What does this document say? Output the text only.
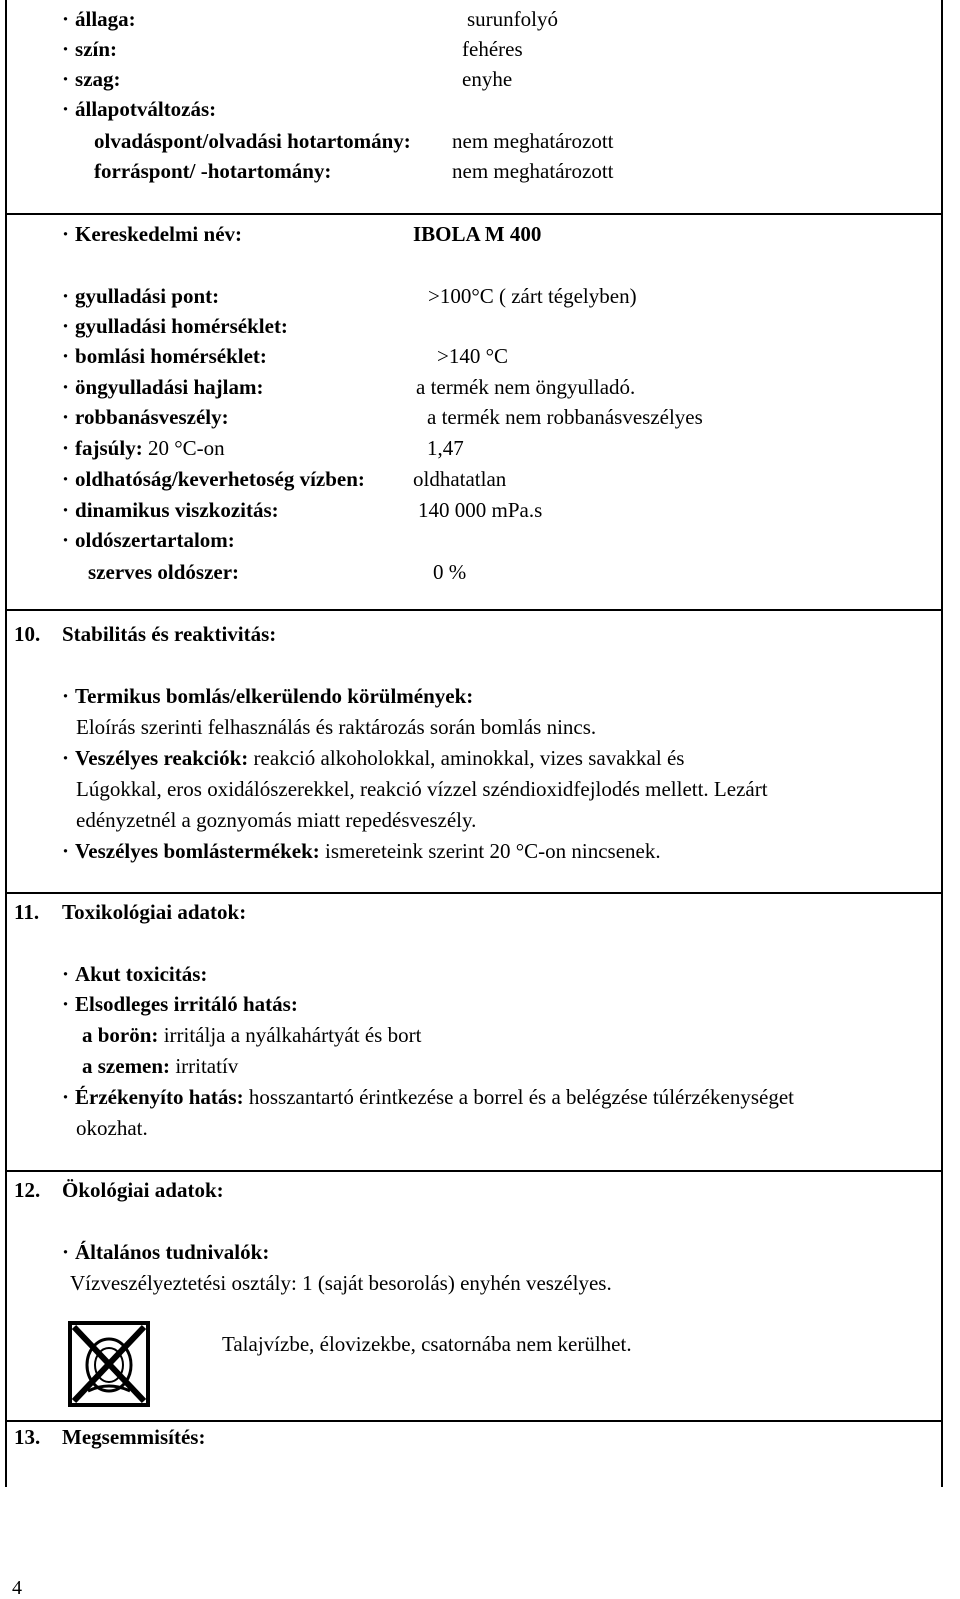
· állaga:	surunfolyó
· szín:	fehéres
· szag:	enyhe
· állapotváltozás:
olvadáspont/olvadási hotartomány: nem meghatározott
forráspont/ -hotartomány:	nem meghatározott
· Kereskedelmi név:	IBOLA M 400
· gyulladási pont:	>100°C ( zárt tégelyben)
· gyulladási homérséklet:
· bomlási homérséklet:	>140 °C
· öngyulladási hajlam:	a termék nem öngyulladó.
· robbanásveszély:	a termék nem robbanásveszélyes
· fajsúly: 20 °C-on	1,47
· oldhatóság/keverhetoség vízben: oldhatatlan
· dinamikus viszkozitás:	140 000 mPa.s
· oldószertartalom:
szerves oldószer:	0 %
10. Stabilitás és reaktivitás:
· Termikus bomlás/elkerülendo körülmények:
Eloírás szerinti felhasználás és raktározás során bomlás nincs.
· Veszélyes reakciók: reakció alkoholokkal, aminokkal, vizes savakkal és
Lúgokkal, eros oxidálószerekkel, reakció vízzel széndioxidfejlodés mellett. Lezárt
edényzetnél a goznyomás miatt repedésveszély.
· Veszélyes bomlástermékek: ismereteink szerint 20 °C-on nincsenek.
11. Toxikológiai adatok:
· Akut toxicitás:
· Elsodleges irritáló hatás:
a borön: irritálja a nyálkahártyát és bort
a szemen: irritatív
· Érzékenyíto hatás: hosszantartó érintkezése a borrel és a belégzése túlérzékenységet
okozhat.
12. Ökológiai adatok:
· Általános tudnivalók:
Vízveszélyeztetési osztály: 1 (saját besorolás) enyhén veszélyes.
Talajvízbe, élovizekbe, csatornába nem kerülhet.
13. Megsemmisítés:
4
